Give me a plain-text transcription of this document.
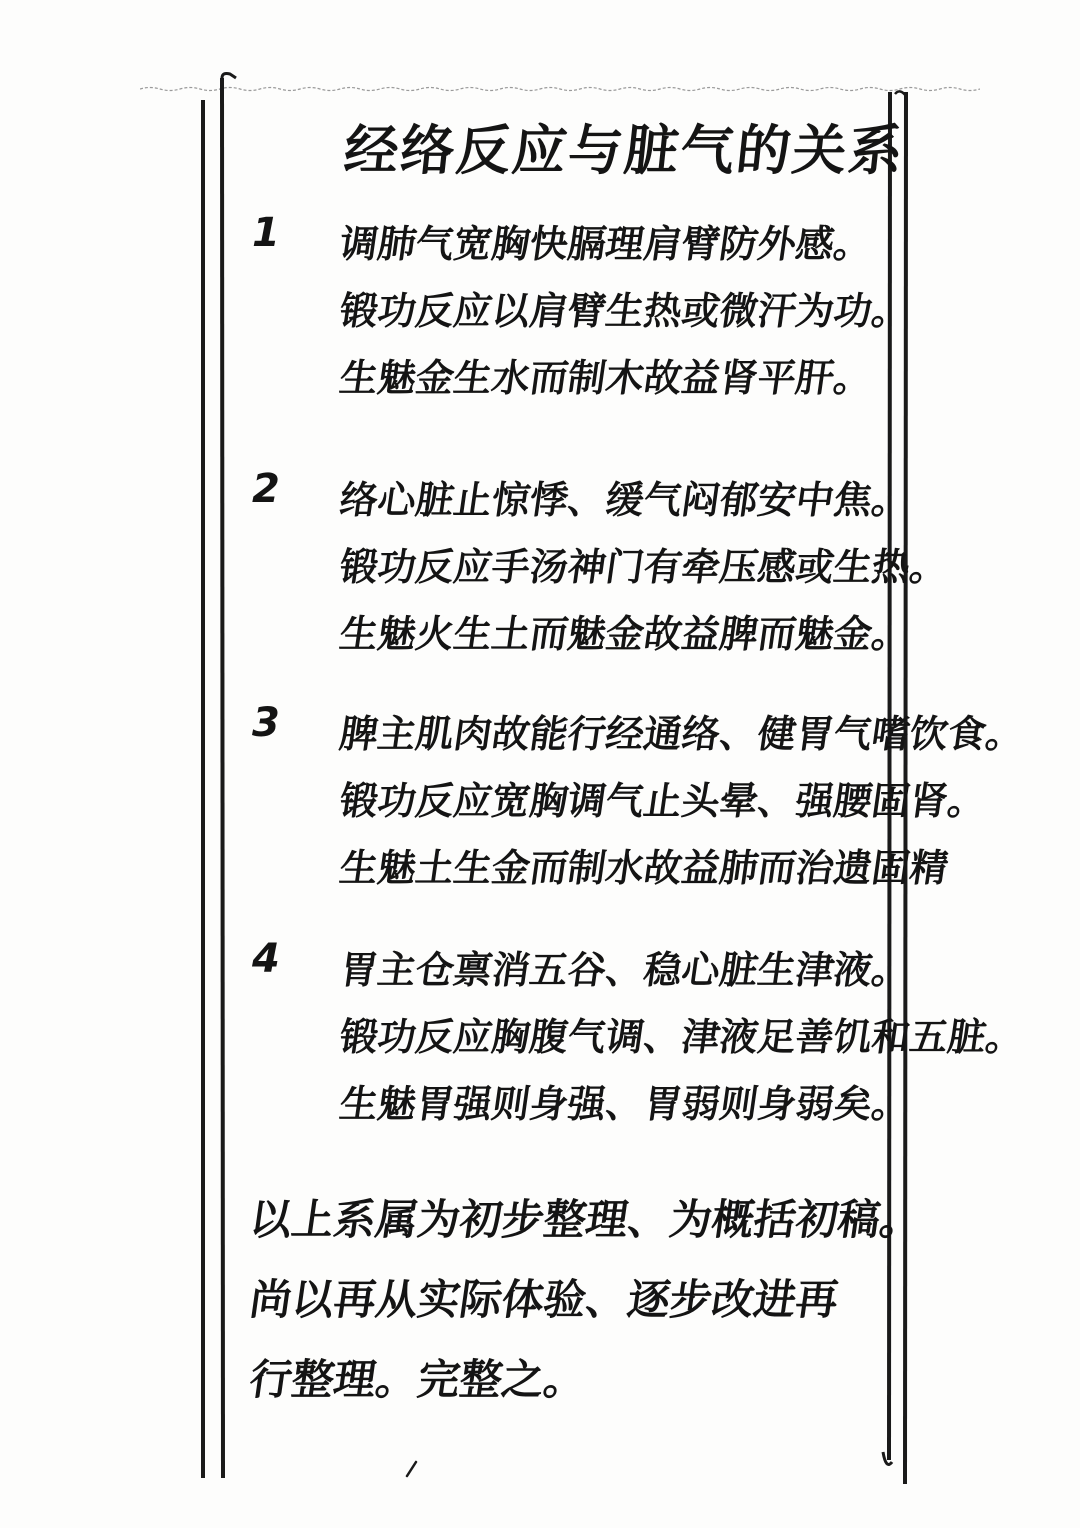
经络反应与脏气的关系
1 调肺气宽胸快膈理肩臂防外感。
锻功反应以肩臂生热或微汗为功。
生魅金生水而制木故益肾平肝。
2 络心脏止惊悸、缓气闷郁安中焦。
锻功反应手汤神门有牵压感或生热。
生魅火生土而魅金故益脾而魅金。
3 脾主肌肉故能行经通络、健胃气嗜饮食。
锻功反应宽胸调气止头晕、强腰固肾。
生魅土生金而制水故益肺而治遗固精
4 胃主仓禀消五谷、稳心脏生津液。
锻功反应胸腹气调、津液足善饥和五脏。
生魅胃强则身强、胃弱则身弱矣。
以上系属为初步整理、为概括初稿。
尚以再从实际体验、逐步改进再
行整理。完整之。
